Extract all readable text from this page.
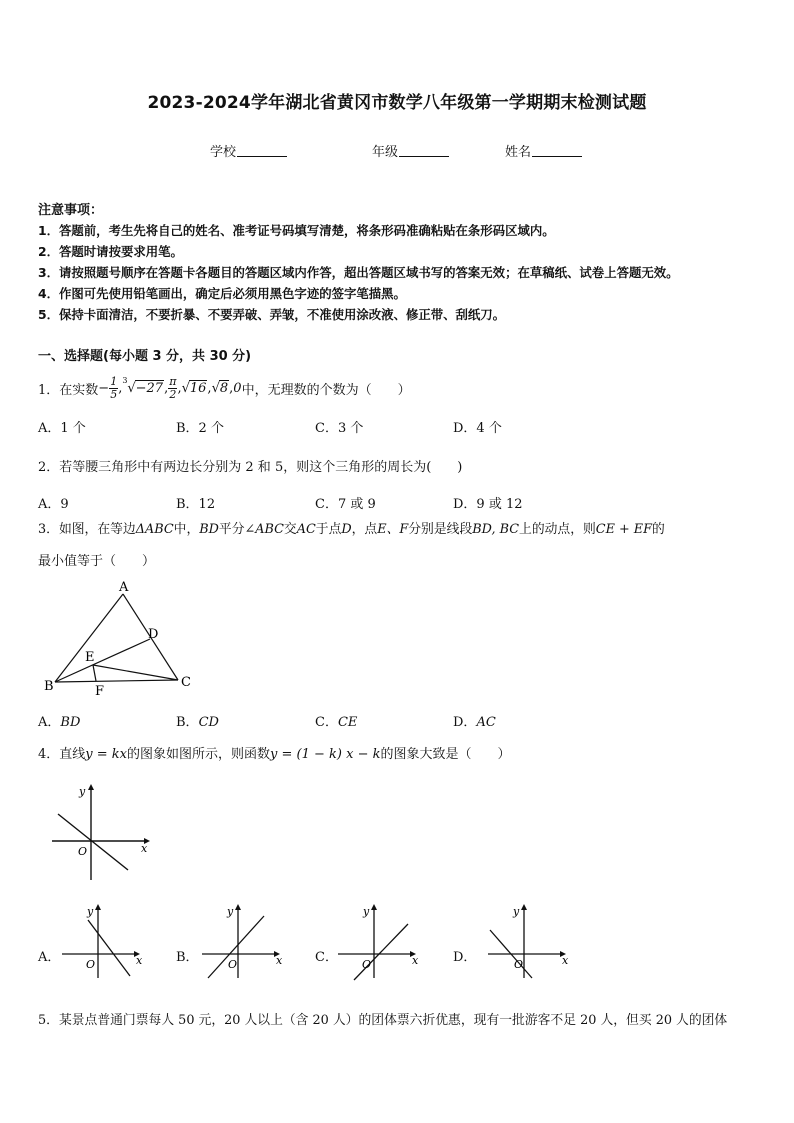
2023-2024学年湖北省黄冈市数学八年级第一学期期末检测试题
学校	年级	姓名
注意事项：
1．答题前，考生先将自己的姓名、准考证号码填写清楚，将条形码准确粘贴在条形码区域内。
2．答题时请按要求用笔。
3．请按照题号顺序在答题卡各题目的答题区域内作答，超出答题区域书写的答案无效；在草稿纸、试卷上答题无效。
4．作图可先使用铅笔画出，确定后必须用黑色字迹的签字笔描黑。
5．保持卡面清洁，不要折暴、不要弄破、弄皱，不准使用涂改液、修正带、刮纸刀。
一、选择题(每小题 3 分，共 30 分)
1．在实数 − $\frac{1}{5}$ , 3
√−27 , $\frac{\pi}{2}$ , √16 , √8 , 0 中，无理数的个数为（　　）
A．1 个	B．2 个	C．3 个	D．4 个
2．若等腰三角形中有两边长分别为 2 和 5，则这个三角形的周长为(　　)
A．9	B．12	C．7 或 9	D．9 或 12
3．如图，在等边ΔABC中，BD平分∠ABC交AC于点D，点E、F分别是线段BD, BC上的动点，则CE + EF的
最小值等于（　　）
A
B	C
D
E
F
A．BD	B．CD	C．CE	D．AC
4．直线y = kx的图象如图所示，则函数y = (1 − k) x − k的图象大致是（　　）
x
y
O
A．	x
y
O	B．	x
y
O	C．	x
y
O	D．	x
y
O
5．某景点普通门票每人 50 元，20 人以上（含 20 人）的团体票六折优惠，现有一批游客不足 20 人，但买 20 人的团体
